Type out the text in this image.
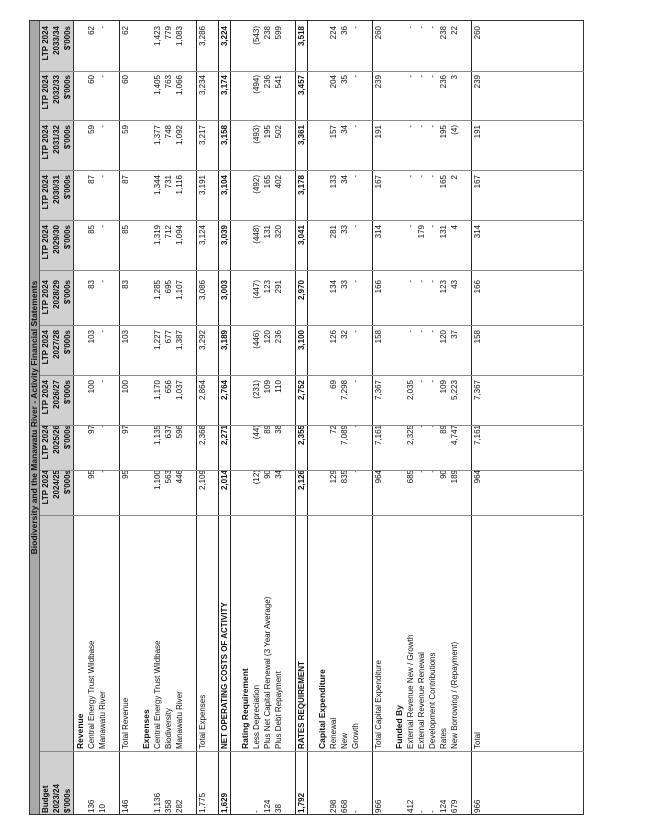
Biodiversity and the Manawatu River - Activity Financial Statements
Budget
LTP 2024
LTP 2024
LTP 2024
LTP 2024
LTP 2024
LTP 2024
LTP 2024
LTP 2024
LTP 2024
LTP 2024
2023/24
2024/25
2025/26
2026/27
2027/28
2028/29
2029/30
2030/31
2031/32
2032/33
2033/34
$'000s
$'000s
$'000s
$'000s
$'000s
$'000s
$'000s
$'000s
$'000s
$'000s
$'000s
Revenue
136
Central Energy Trust Wildbase
95
97
100
103
83
85
87
59
60
62
10
Manawatu River
-
-
-
-
-
-
-
-
-
-
146
Total Revenue
95
97
100
103
83
85
87
59
60
62
Expenses
1,136
Central Energy Trust Wildbase
1,100
1,135
1,170
1,227
1,285
1,319
1,344
1,377
1,405
1,423
358
Biodiversity
563
637
656
677
695
712
731
748
763
779
282
Manawatu River
446
596
1,037
1,387
1,107
1,094
1,116
1,092
1,066
1,083
1,775
Total Expenses
2,109
2,368
2,864
3,292
3,086
3,124
3,191
3,217
3,234
3,286
1,629
NET OPERATING COSTS OF ACTIVITY
2,014
2,271
2,764
3,189
3,003
3,039
3,104
3,158
3,174
3,224
Rating Requirement
-
Less Depreciation
(12)
(44)
(231)
(446)
(447)
(448)
(492)
(493)
(494)
(543)
124
Plus Net Capital Renewal (3 Year Average)
90
89
109
120
123
131
165
195
236
238
38
Plus Debt Repayment
34
38
110
236
291
320
402
502
541
599
1,792
RATES REQUIREMENT
2,126
2,355
2,752
3,100
2,970
3,041
3,178
3,361
3,457
3,518
Capital Expenditure
298
Renewal
129
72
69
126
134
281
133
157
204
224
668
New
835
7,089
7,298
32
33
33
34
34
35
36
-
Growth
-
-
-
-
-
-
-
-
-
-
966
Total Capital Expenditure
964
7,161
7,367
158
166
314
167
191
239
260
Funded By
412
External Revenue New / Growth
685
2,325
2,035
-
-
-
-
-
-
-
-
External Revenue Renewal
-
-
-
-
-
179
-
-
-
-
-
Development Contributions
-
-
-
-
-
-
-
-
-
-
124
Rates
90
89
109
120
123
131
165
195
236
238
679
New Borrowing / (Repayment)
189
4,747
5,223
37
43
4
2
(4)
3
22
966
Total
964
7,161
7,367
158
166
314
167
191
239
260
